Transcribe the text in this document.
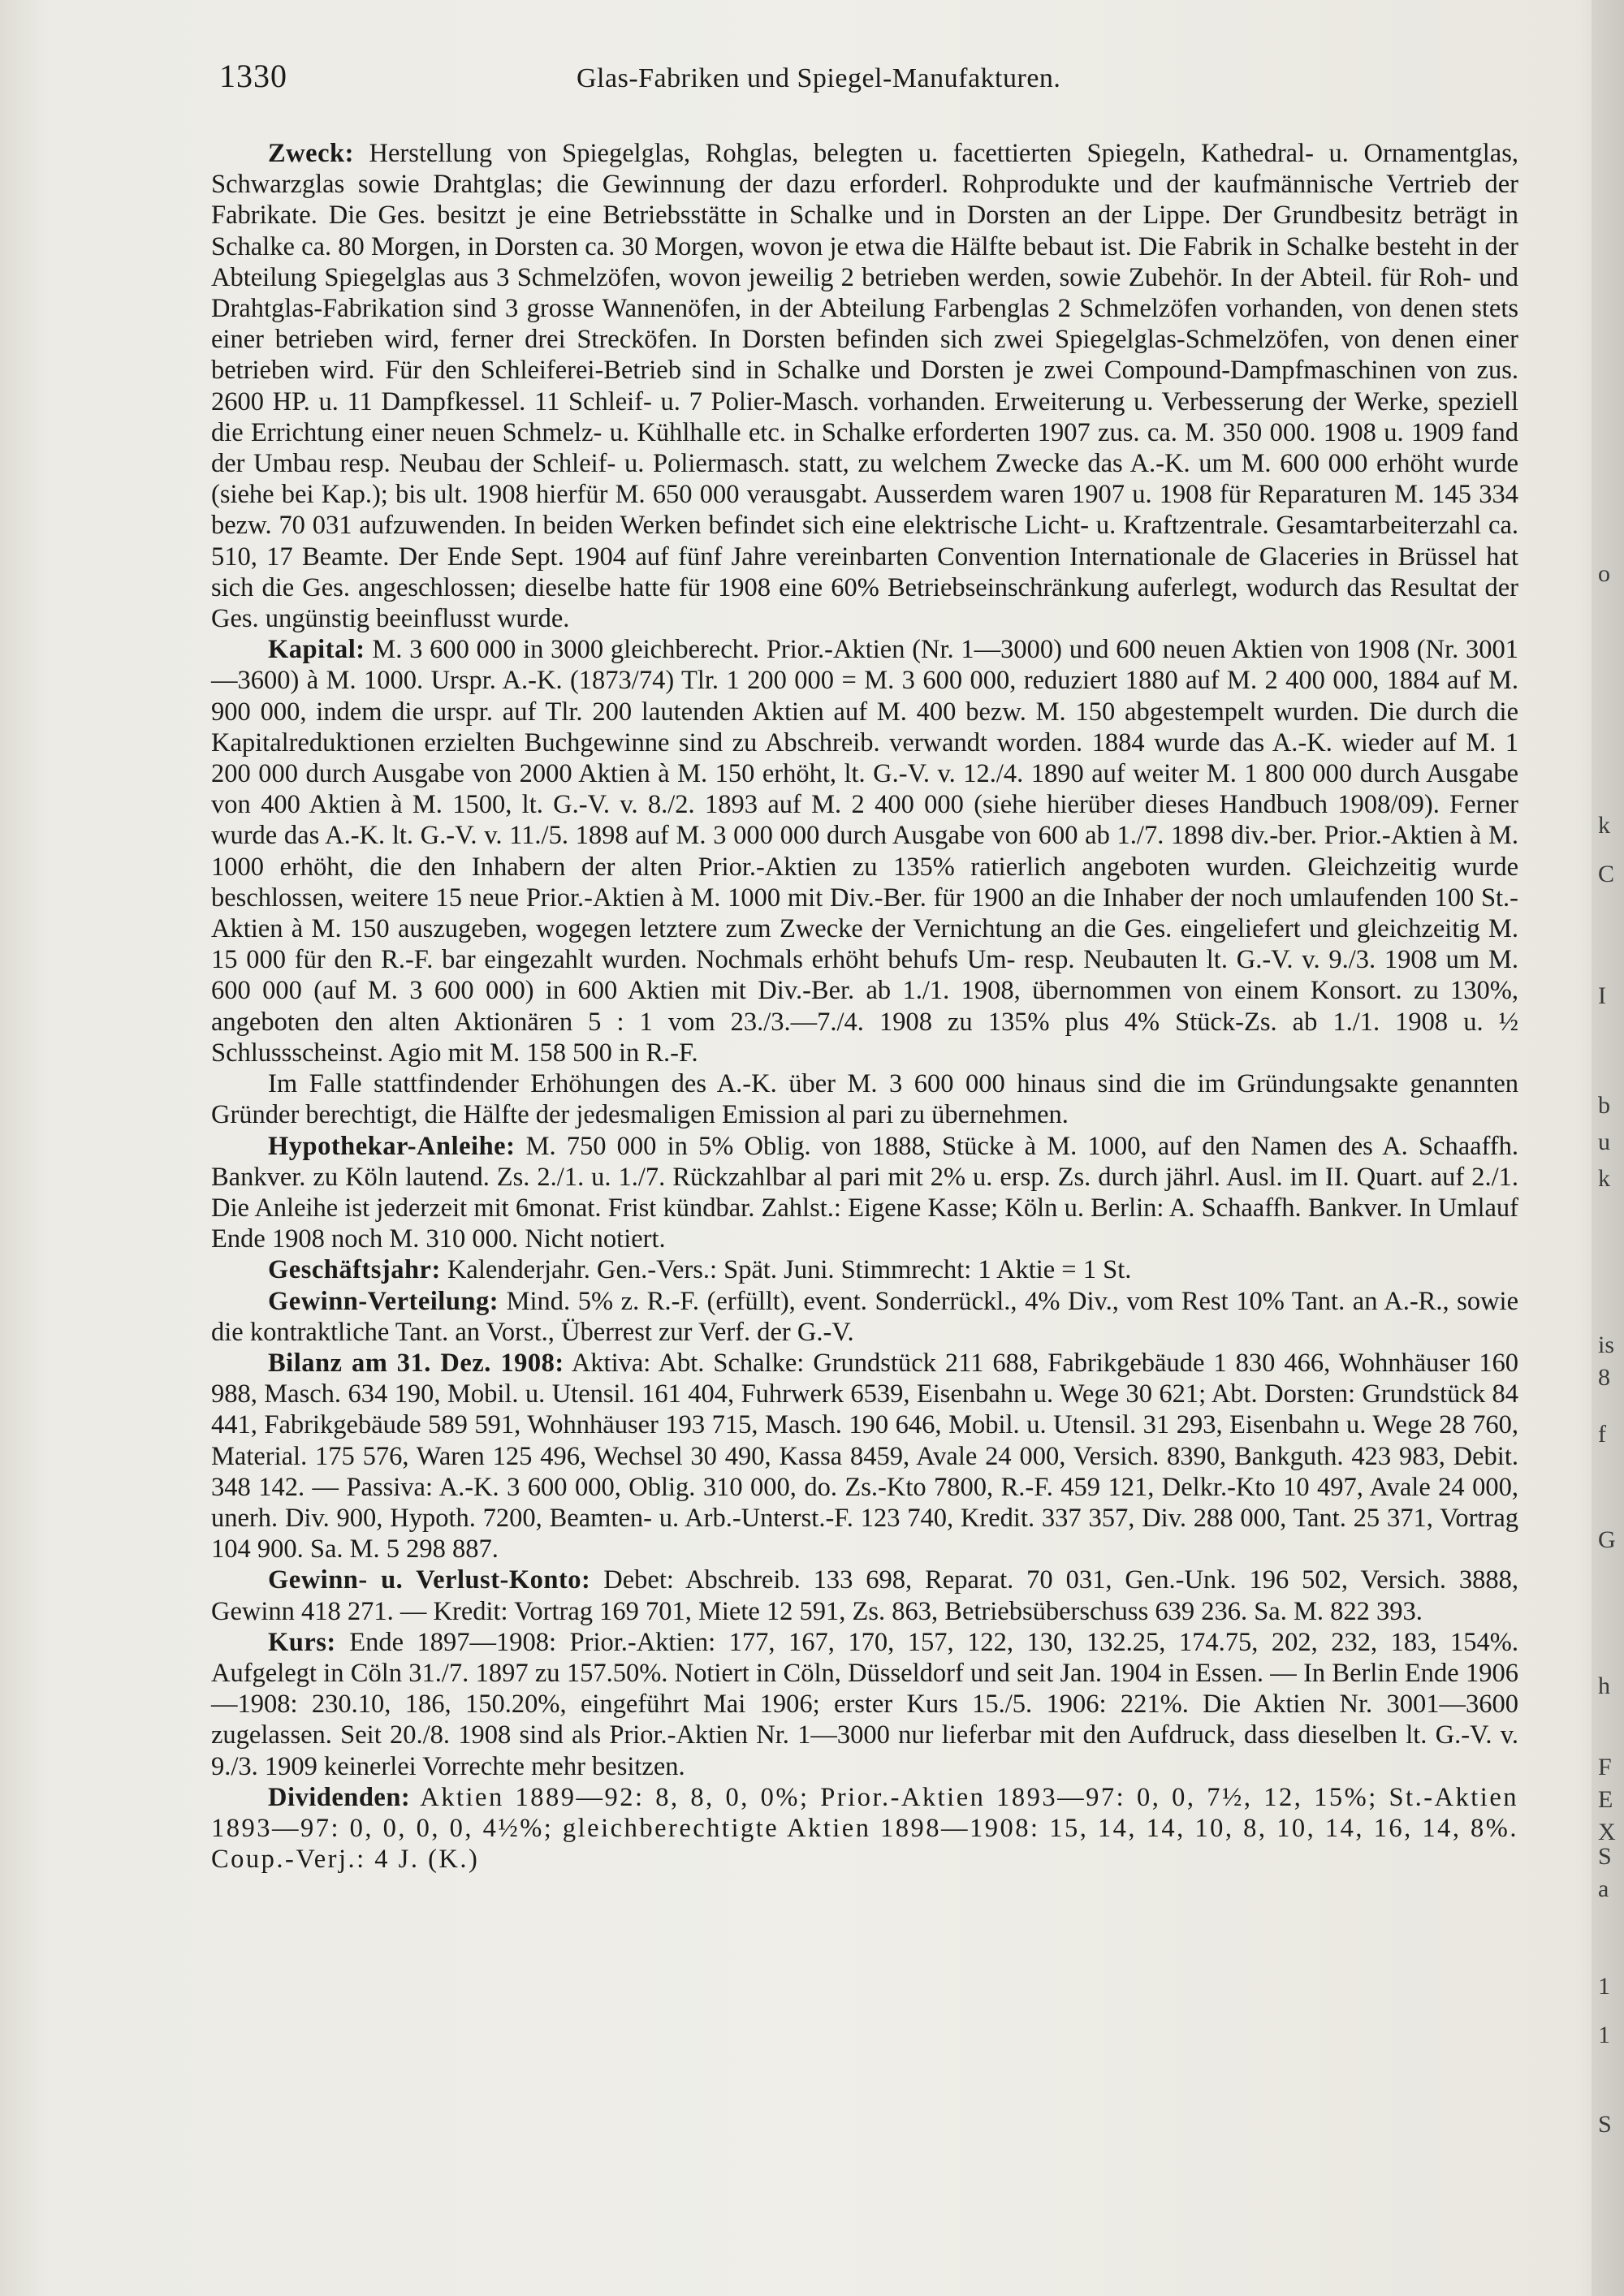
1330	Glas-Fabriken und Spiegel-Manufakturen.

Zweck: Herstellung von Spiegelglas, Rohglas, belegten u. facettierten Spiegeln, Kathedral- u. Ornamentglas, Schwarzglas sowie Drahtglas; die Gewinnung der dazu erforderl. Rohprodukte und der kaufmännische Vertrieb der Fabrikate. Die Ges. besitzt je eine Betriebsstätte in Schalke und in Dorsten an der Lippe. Der Grundbesitz beträgt in Schalke ca. 80 Morgen, in Dorsten ca. 30 Morgen, wovon je etwa die Hälfte bebaut ist. Die Fabrik in Schalke besteht in der Abteilung Spiegelglas aus 3 Schmelzöfen, wovon jeweilig 2 betrieben werden, sowie Zubehör. In der Abteil. für Roh- und Drahtglas-Fabrikation sind 3 grosse Wannenöfen, in der Abteilung Farbenglas 2 Schmelzöfen vorhanden, von denen stets einer betrieben wird, ferner drei Strecköfen. In Dorsten befinden sich zwei Spiegelglas-Schmelzöfen, von denen einer betrieben wird. Für den Schleiferei-Betrieb sind in Schalke und Dorsten je zwei Compound-Dampfmaschinen von zus. 2600 HP. u. 11 Dampfkessel. 11 Schleif- u. 7 Polier-Masch. vorhanden. Erweiterung u. Verbesserung der Werke, speziell die Errichtung einer neuen Schmelz- u. Kühlhalle etc. in Schalke erforderten 1907 zus. ca. M. 350 000. 1908 u. 1909 fand der Umbau resp. Neubau der Schleif- u. Poliermasch. statt, zu welchem Zwecke das A.-K. um M. 600 000 erhöht wurde (siehe bei Kap.); bis ult. 1908 hierfür M. 650 000 verausgabt. Ausserdem waren 1907 u. 1908 für Reparaturen M. 145 334 bezw. 70 031 aufzuwenden. In beiden Werken befindet sich eine elektrische Licht- u. Kraftzentrale. Gesamtarbeiterzahl ca. 510, 17 Beamte. Der Ende Sept. 1904 auf fünf Jahre vereinbarten Convention Internationale de Glaceries in Brüssel hat sich die Ges. angeschlossen; dieselbe hatte für 1908 eine 60% Betriebseinschränkung auferlegt, wodurch das Resultat der Ges. ungünstig beeinflusst wurde.

Kapital: M. 3 600 000 in 3000 gleichberecht. Prior.-Aktien (Nr. 1—3000) und 600 neuen Aktien von 1908 (Nr. 3001—3600) à M. 1000. Urspr. A.-K. (1873/74) Tlr. 1 200 000 = M. 3 600 000, reduziert 1880 auf M. 2 400 000, 1884 auf M. 900 000, indem die urspr. auf Tlr. 200 lautenden Aktien auf M. 400 bezw. M. 150 abgestempelt wurden. Die durch die Kapitalreduktionen erzielten Buchgewinne sind zu Abschreib. verwandt worden. 1884 wurde das A.-K. wieder auf M. 1 200 000 durch Ausgabe von 2000 Aktien à M. 150 erhöht, lt. G.-V. v. 12./4. 1890 auf weiter M. 1 800 000 durch Ausgabe von 400 Aktien à M. 1500, lt. G.-V. v. 8./2. 1893 auf M. 2 400 000 (siehe hierüber dieses Handbuch 1908/09). Ferner wurde das A.-K. lt. G.-V. v. 11./5. 1898 auf M. 3 000 000 durch Ausgabe von 600 ab 1./7. 1898 div.-ber. Prior.-Aktien à M. 1000 erhöht, die den Inhabern der alten Prior.-Aktien zu 135% ratierlich angeboten wurden. Gleichzeitig wurde beschlossen, weitere 15 neue Prior.-Aktien à M. 1000 mit Div.-Ber. für 1900 an die Inhaber der noch umlaufenden 100 St.-Aktien à M. 150 auszugeben, wogegen letztere zum Zwecke der Vernichtung an die Ges. eingeliefert und gleichzeitig M. 15 000 für den R.-F. bar eingezahlt wurden. Nochmals erhöht behufs Um- resp. Neubauten lt. G.-V. v. 9./3. 1908 um M. 600 000 (auf M. 3 600 000) in 600 Aktien mit Div.-Ber. ab 1./1. 1908, übernommen von einem Konsort. zu 130%, angeboten den alten Aktionären 5 : 1 vom 23./3.—7./4. 1908 zu 135% plus 4% Stück-Zs. ab 1./1. 1908 u. ½ Schlussscheinst. Agio mit M. 158 500 in R.-F.

Im Falle stattfindender Erhöhungen des A.-K. über M. 3 600 000 hinaus sind die im Gründungsakte genannten Gründer berechtigt, die Hälfte der jedesmaligen Emission al pari zu übernehmen.

Hypothekar-Anleihe: M. 750 000 in 5% Oblig. von 1888, Stücke à M. 1000, auf den Namen des A. Schaaffh. Bankver. zu Köln lautend. Zs. 2./1. u. 1./7. Rückzahlbar al pari mit 2% u. ersp. Zs. durch jährl. Ausl. im II. Quart. auf 2./1. Die Anleihe ist jederzeit mit 6monat. Frist kündbar. Zahlst.: Eigene Kasse; Köln u. Berlin: A. Schaaffh. Bankver. In Umlauf Ende 1908 noch M. 310 000. Nicht notiert.

Geschäftsjahr: Kalenderjahr. Gen.-Vers.: Spät. Juni. Stimmrecht: 1 Aktie = 1 St.

Gewinn-Verteilung: Mind. 5% z. R.-F. (erfüllt), event. Sonderrückl., 4% Div., vom Rest 10% Tant. an A.-R., sowie die kontraktliche Tant. an Vorst., Überrest zur Verf. der G.-V.

Bilanz am 31. Dez. 1908: Aktiva: Abt. Schalke: Grundstück 211 688, Fabrikgebäude 1 830 466, Wohnhäuser 160 988, Masch. 634 190, Mobil. u. Utensil. 161 404, Fuhrwerk 6539, Eisenbahn u. Wege 30 621; Abt. Dorsten: Grundstück 84 441, Fabrikgebäude 589 591, Wohnhäuser 193 715, Masch. 190 646, Mobil. u. Utensil. 31 293, Eisenbahn u. Wege 28 760, Material. 175 576, Waren 125 496, Wechsel 30 490, Kassa 8459, Avale 24 000, Versich. 8390, Bankguth. 423 983, Debit. 348 142. — Passiva: A.-K. 3 600 000, Oblig. 310 000, do. Zs.-Kto 7800, R.-F. 459 121, Delkr.-Kto 10 497, Avale 24 000, unerh. Div. 900, Hypoth. 7200, Beamten- u. Arb.-Unterst.-F. 123 740, Kredit. 337 357, Div. 288 000, Tant. 25 371, Vortrag 104 900. Sa. M. 5 298 887.

Gewinn- u. Verlust-Konto: Debet: Abschreib. 133 698, Reparat. 70 031, Gen.-Unk. 196 502, Versich. 3888, Gewinn 418 271. — Kredit: Vortrag 169 701, Miete 12 591, Zs. 863, Betriebsüberschuss 639 236. Sa. M. 822 393.

Kurs: Ende 1897—1908: Prior.-Aktien: 177, 167, 170, 157, 122, 130, 132.25, 174.75, 202, 232, 183, 154%. Aufgelegt in Cöln 31./7. 1897 zu 157.50%. Notiert in Cöln, Düsseldorf und seit Jan. 1904 in Essen. — In Berlin Ende 1906—1908: 230.10, 186, 150.20%, eingeführt Mai 1906; erster Kurs 15./5. 1906: 221%. Die Aktien Nr. 3001—3600 zugelassen. Seit 20./8. 1908 sind als Prior.-Aktien Nr. 1—3000 nur lieferbar mit den Aufdruck, dass dieselben lt. G.-V. v. 9./3. 1909 keinerlei Vorrechte mehr besitzen.

Dividenden: Aktien 1889—92: 8, 8, 0, 0%; Prior.-Aktien 1893—97: 0, 0, 7½, 12, 15%; St.-Aktien 1893—97: 0, 0, 0, 0, 4½%; gleichberechtigte Aktien 1898—1908: 15, 14, 14, 10, 8, 10, 14, 16, 14, 8%. Coup.-Verj.: 4 J. (K.)

o
k
C
I
b
u
k
is
8
f
G
h
F
E
X
S
a
1
1
S
